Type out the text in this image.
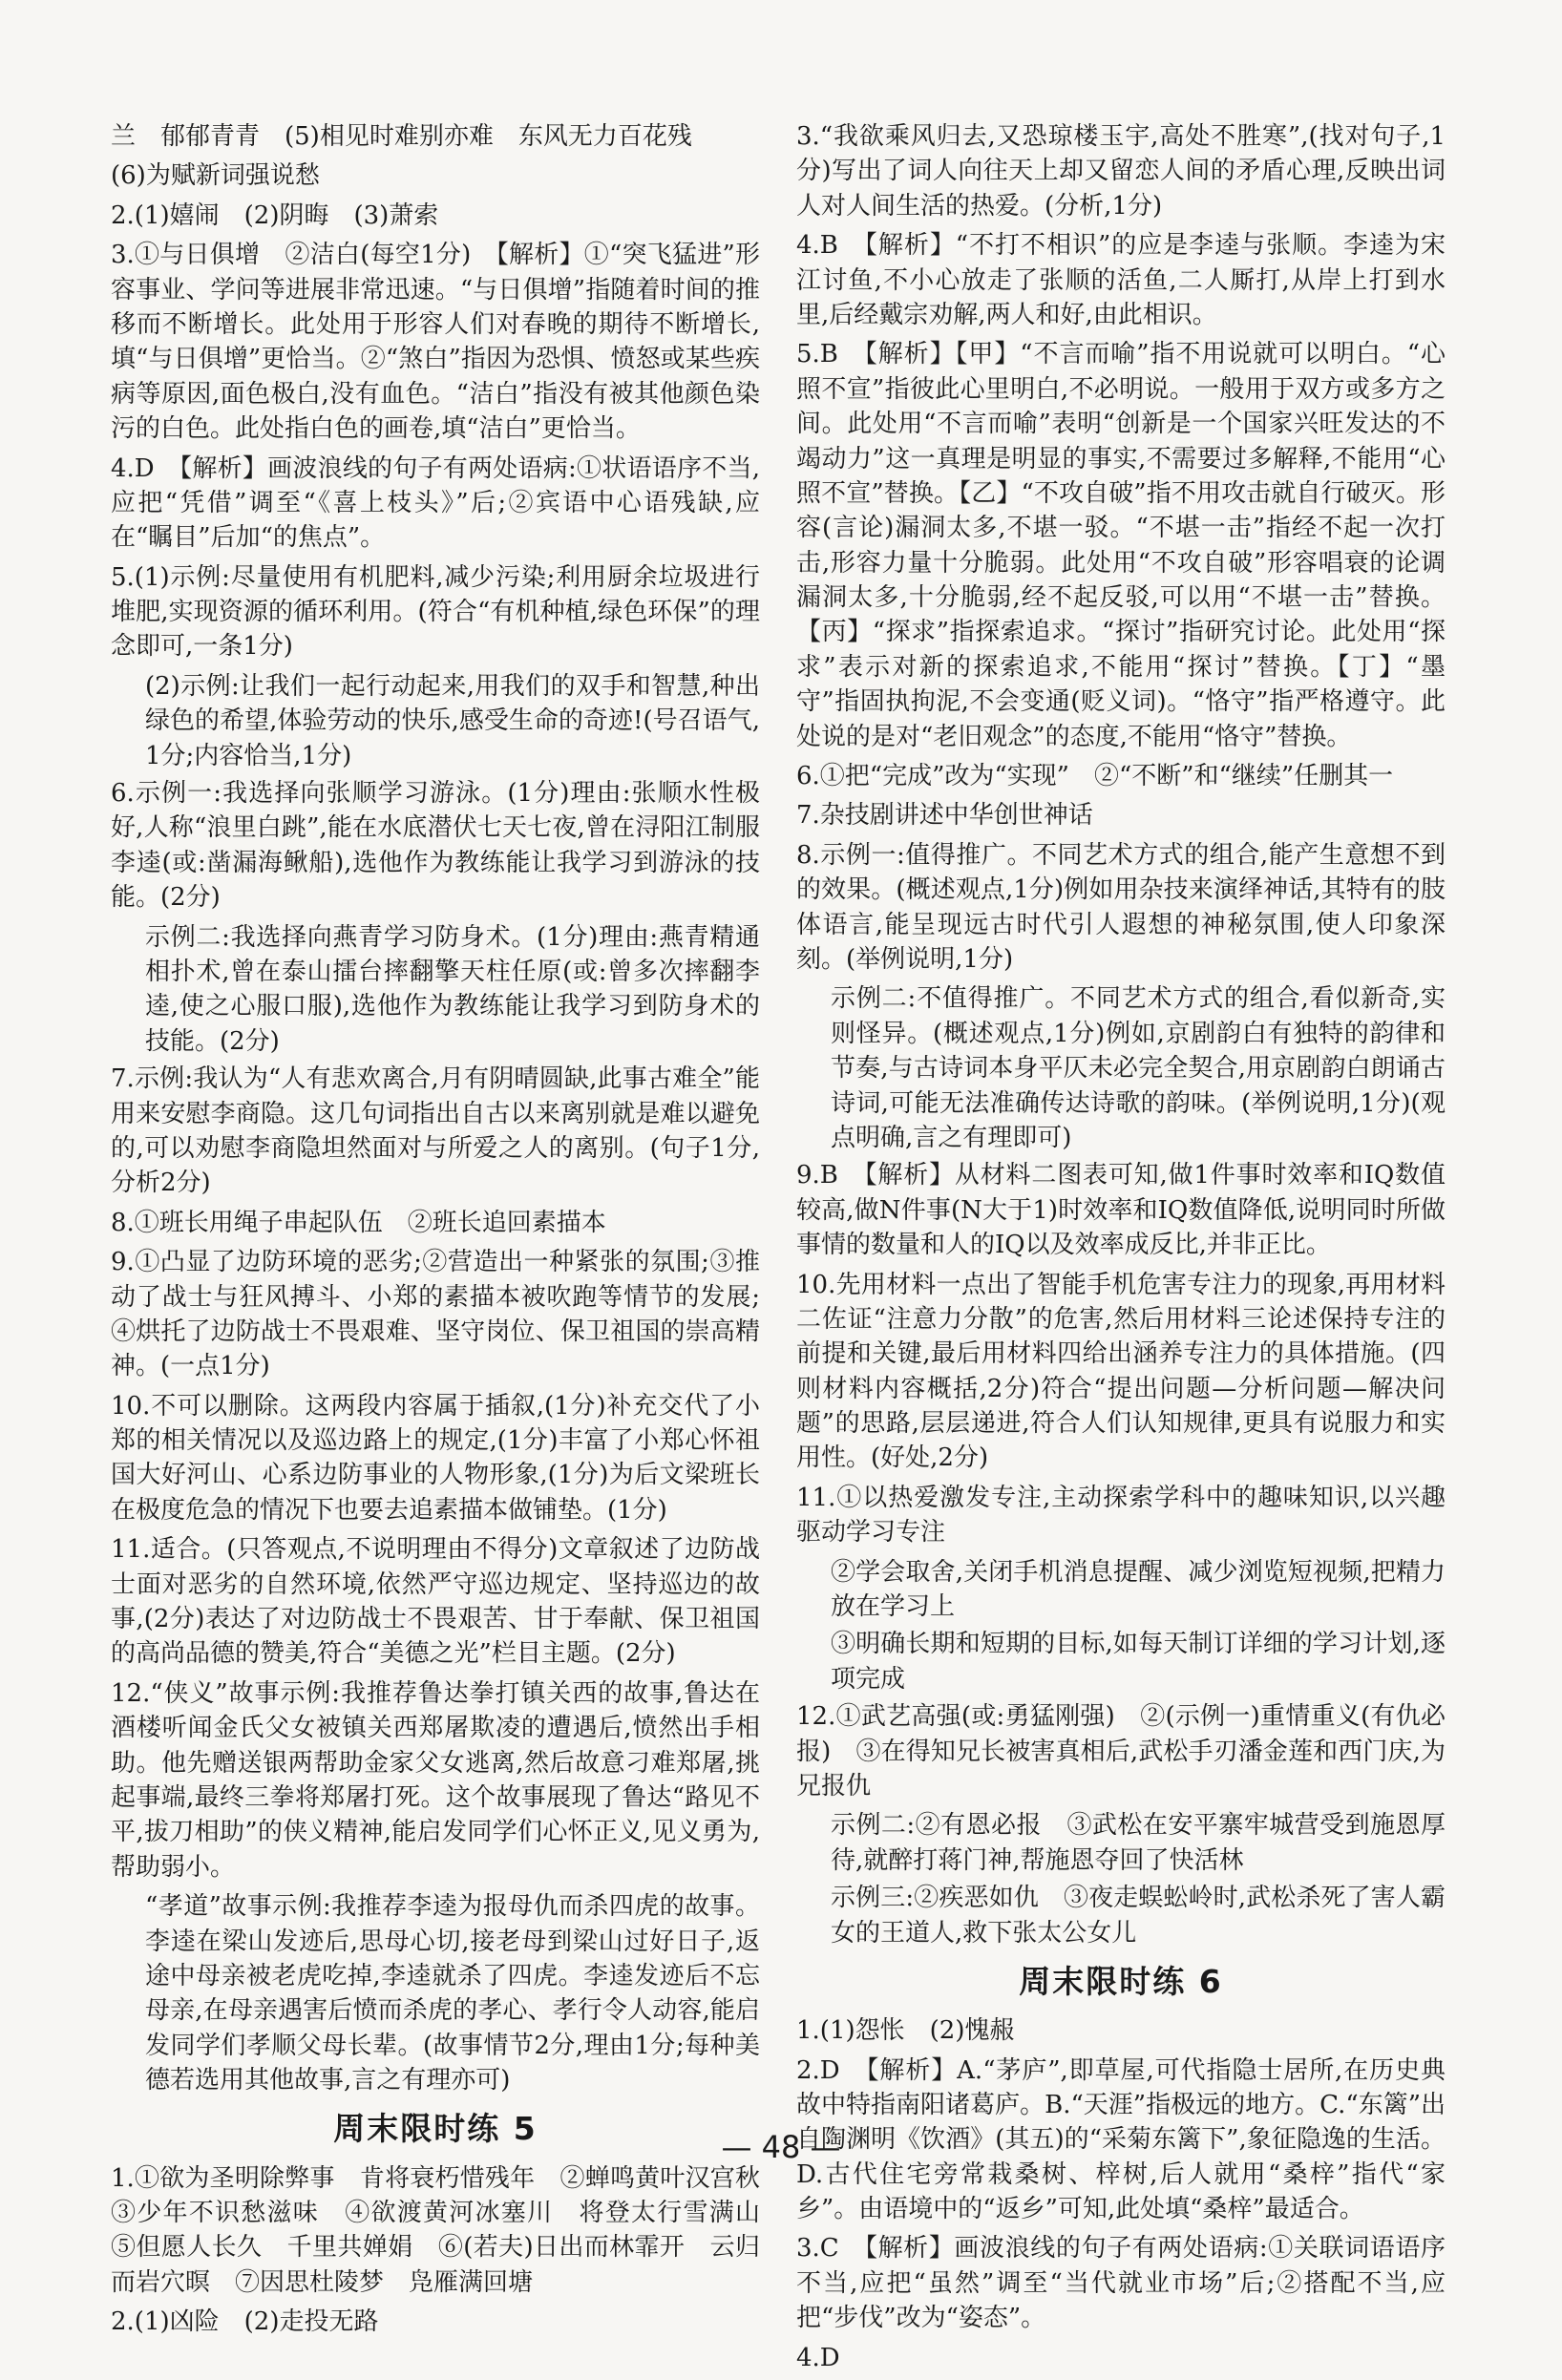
兰　郁郁青青　(5)相见时难别亦难　东风无力百花残
(6)为赋新词强说愁
2.(1)嬉闹　(2)阴晦　(3)萧索
3.①与日俱增　②洁白(每空1分)　【解析】①“突飞猛进”形容事业、学问等进展非常迅速。“与日俱增”指随着时间的推移而不断增长。此处用于形容人们对春晚的期待不断增长,填“与日俱增”更恰当。②“煞白”指因为恐惧、愤怒或某些疾病等原因,面色极白,没有血色。“洁白”指没有被其他颜色染污的白色。此处指白色的画卷,填“洁白”更恰当。
4.D　【解析】画波浪线的句子有两处语病:①状语语序不当,应把“凭借”调至“《喜上枝头》”后;②宾语中心语残缺,应在“瞩目”后加“的焦点”。
5.(1)示例:尽量使用有机肥料,减少污染;利用厨余垃圾进行堆肥,实现资源的循环利用。(符合“有机种植,绿色环保”的理念即可,一条1分)
(2)示例:让我们一起行动起来,用我们的双手和智慧,种出绿色的希望,体验劳动的快乐,感受生命的奇迹!(号召语气,1分;内容恰当,1分)
6.示例一:我选择向张顺学习游泳。(1分)理由:张顺水性极好,人称“浪里白跳”,能在水底潜伏七天七夜,曾在浔阳江制服李逵(或:凿漏海鳅船),选他作为教练能让我学习到游泳的技能。(2分)
示例二:我选择向燕青学习防身术。(1分)理由:燕青精通相扑术,曾在泰山擂台摔翻擎天柱任原(或:曾多次摔翻李逵,使之心服口服),选他作为教练能让我学习到防身术的技能。(2分)
7.示例:我认为“人有悲欢离合,月有阴晴圆缺,此事古难全”能用来安慰李商隐。这几句词指出自古以来离别就是难以避免的,可以劝慰李商隐坦然面对与所爱之人的离别。(句子1分,分析2分)
8.①班长用绳子串起队伍　②班长追回素描本
9.①凸显了边防环境的恶劣;②营造出一种紧张的氛围;③推动了战士与狂风搏斗、小郑的素描本被吹跑等情节的发展;④烘托了边防战士不畏艰难、坚守岗位、保卫祖国的崇高精神。(一点1分)
10.不可以删除。这两段内容属于插叙,(1分)补充交代了小郑的相关情况以及巡边路上的规定,(1分)丰富了小郑心怀祖国大好河山、心系边防事业的人物形象,(1分)为后文梁班长在极度危急的情况下也要去追素描本做铺垫。(1分)
11.适合。(只答观点,不说明理由不得分)文章叙述了边防战士面对恶劣的自然环境,依然严守巡边规定、坚持巡边的故事,(2分)表达了对边防战士不畏艰苦、甘于奉献、保卫祖国的高尚品德的赞美,符合“美德之光”栏目主题。(2分)
12.“侠义”故事示例:我推荐鲁达拳打镇关西的故事,鲁达在酒楼听闻金氏父女被镇关西郑屠欺凌的遭遇后,愤然出手相助。他先赠送银两帮助金家父女逃离,然后故意刁难郑屠,挑起事端,最终三拳将郑屠打死。这个故事展现了鲁达“路见不平,拔刀相助”的侠义精神,能启发同学们心怀正义,见义勇为,帮助弱小。
“孝道”故事示例:我推荐李逵为报母仇而杀四虎的故事。李逵在梁山发迹后,思母心切,接老母到梁山过好日子,返途中母亲被老虎吃掉,李逵就杀了四虎。李逵发迹后不忘母亲,在母亲遇害后愤而杀虎的孝心、孝行令人动容,能启发同学们孝顺父母长辈。(故事情节2分,理由1分;每种美德若选用其他故事,言之有理亦可)
周末限时练 5
1.①欲为圣明除弊事　肯将衰朽惜残年　②蝉鸣黄叶汉宫秋　③少年不识愁滋味　④欲渡黄河冰塞川　将登太行雪满山　⑤但愿人长久　千里共婵娟　⑥(若夫)日出而林霏开　云归而岩穴暝　⑦因思杜陵梦　凫雁满回塘
2.(1)凶险　(2)走投无路
3.“我欲乘风归去,又恐琼楼玉宇,高处不胜寒”,(找对句子,1分)写出了词人向往天上却又留恋人间的矛盾心理,反映出词人对人间生活的热爱。(分析,1分)
4.B　【解析】“不打不相识”的应是李逵与张顺。李逵为宋江讨鱼,不小心放走了张顺的活鱼,二人厮打,从岸上打到水里,后经戴宗劝解,两人和好,由此相识。
5.B　【解析】【甲】“不言而喻”指不用说就可以明白。“心照不宣”指彼此心里明白,不必明说。一般用于双方或多方之间。此处用“不言而喻”表明“创新是一个国家兴旺发达的不竭动力”这一真理是明显的事实,不需要过多解释,不能用“心照不宣”替换。【乙】“不攻自破”指不用攻击就自行破灭。形容(言论)漏洞太多,不堪一驳。“不堪一击”指经不起一次打击,形容力量十分脆弱。此处用“不攻自破”形容唱衰的论调漏洞太多,十分脆弱,经不起反驳,可以用“不堪一击”替换。【丙】“探求”指探索追求。“探讨”指研究讨论。此处用“探求”表示对新的探索追求,不能用“探讨”替换。【丁】“墨守”指固执拘泥,不会变通(贬义词)。“恪守”指严格遵守。此处说的是对“老旧观念”的态度,不能用“恪守”替换。
6.①把“完成”改为“实现”　②“不断”和“继续”任删其一
7.杂技剧讲述中华创世神话
8.示例一:值得推广。不同艺术方式的组合,能产生意想不到的效果。(概述观点,1分)例如用杂技来演绎神话,其特有的肢体语言,能呈现远古时代引人遐想的神秘氛围,使人印象深刻。(举例说明,1分)
示例二:不值得推广。不同艺术方式的组合,看似新奇,实则怪异。(概述观点,1分)例如,京剧韵白有独特的韵律和节奏,与古诗词本身平仄未必完全契合,用京剧韵白朗诵古诗词,可能无法准确传达诗歌的韵味。(举例说明,1分)(观点明确,言之有理即可)
9.B　【解析】从材料二图表可知,做1件事时效率和IQ数值较高,做N件事(N大于1)时效率和IQ数值降低,说明同时所做事情的数量和人的IQ以及效率成反比,并非正比。
10.先用材料一点出了智能手机危害专注力的现象,再用材料二佐证“注意力分散”的危害,然后用材料三论述保持专注的前提和关键,最后用材料四给出涵养专注力的具体措施。(四则材料内容概括,2分)符合“提出问题—分析问题—解决问题”的思路,层层递进,符合人们认知规律,更具有说服力和实用性。(好处,2分)
11.①以热爱激发专注,主动探索学科中的趣味知识,以兴趣驱动学习专注
②学会取舍,关闭手机消息提醒、减少浏览短视频,把精力放在学习上
③明确长期和短期的目标,如每天制订详细的学习计划,逐项完成
12.①武艺高强(或:勇猛刚强)　②(示例一)重情重义(有仇必报)　③在得知兄长被害真相后,武松手刃潘金莲和西门庆,为兄报仇
示例二:②有恩必报　③武松在安平寨牢城营受到施恩厚待,就醉打蒋门神,帮施恩夺回了快活林
示例三:②疾恶如仇　③夜走蜈蚣岭时,武松杀死了害人霸女的王道人,救下张太公女儿
周末限时练 6
1.(1)怨怅　(2)愧赧
2.D　【解析】A.“茅庐”,即草屋,可代指隐士居所,在历史典故中特指南阳诸葛庐。B.“天涯”指极远的地方。C.“东篱”出自陶渊明《饮酒》(其五)的“采菊东篱下”,象征隐逸的生活。D.古代住宅旁常栽桑树、梓树,后人就用“桑梓”指代“家乡”。由语境中的“返乡”可知,此处填“桑梓”最适合。
3.C　【解析】画波浪线的句子有两处语病:①关联词语语序不当,应把“虽然”调至“当代就业市场”后;②搭配不当,应把“步伐”改为“姿态”。
4.D
— 48 —
